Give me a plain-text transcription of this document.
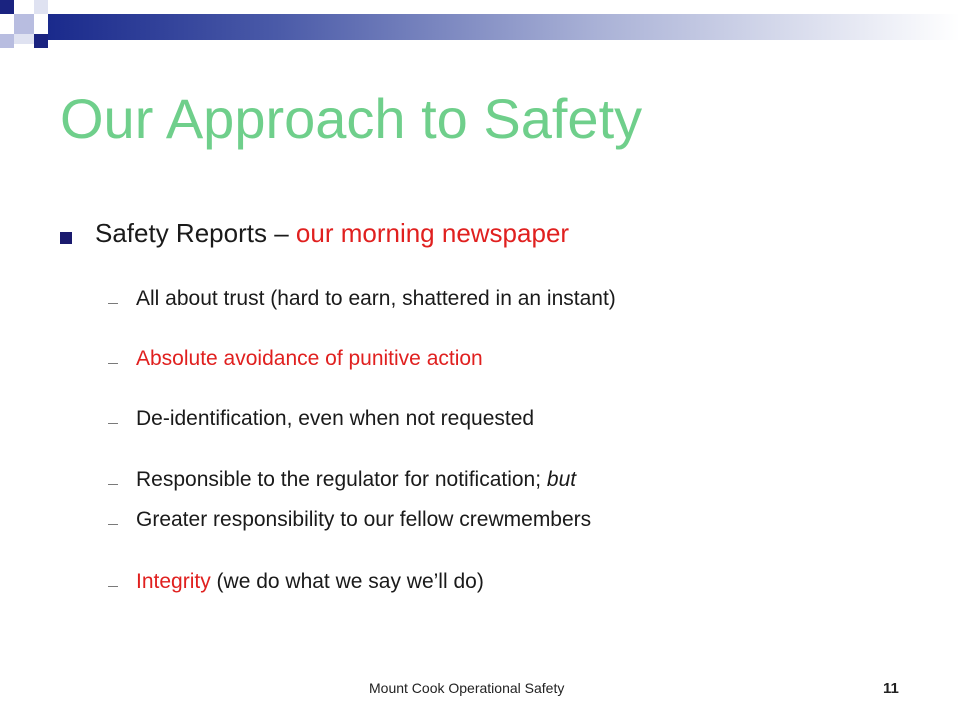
Our Approach to Safety
Safety Reports – our morning newspaper
All about trust (hard to earn, shattered in an instant)
Absolute avoidance of punitive action
De-identification, even when not requested
Responsible to the regulator for notification; but
Greater responsibility to our fellow crewmembers
Integrity (we do what we say we’ll do)
Mount Cook Operational Safety	11
